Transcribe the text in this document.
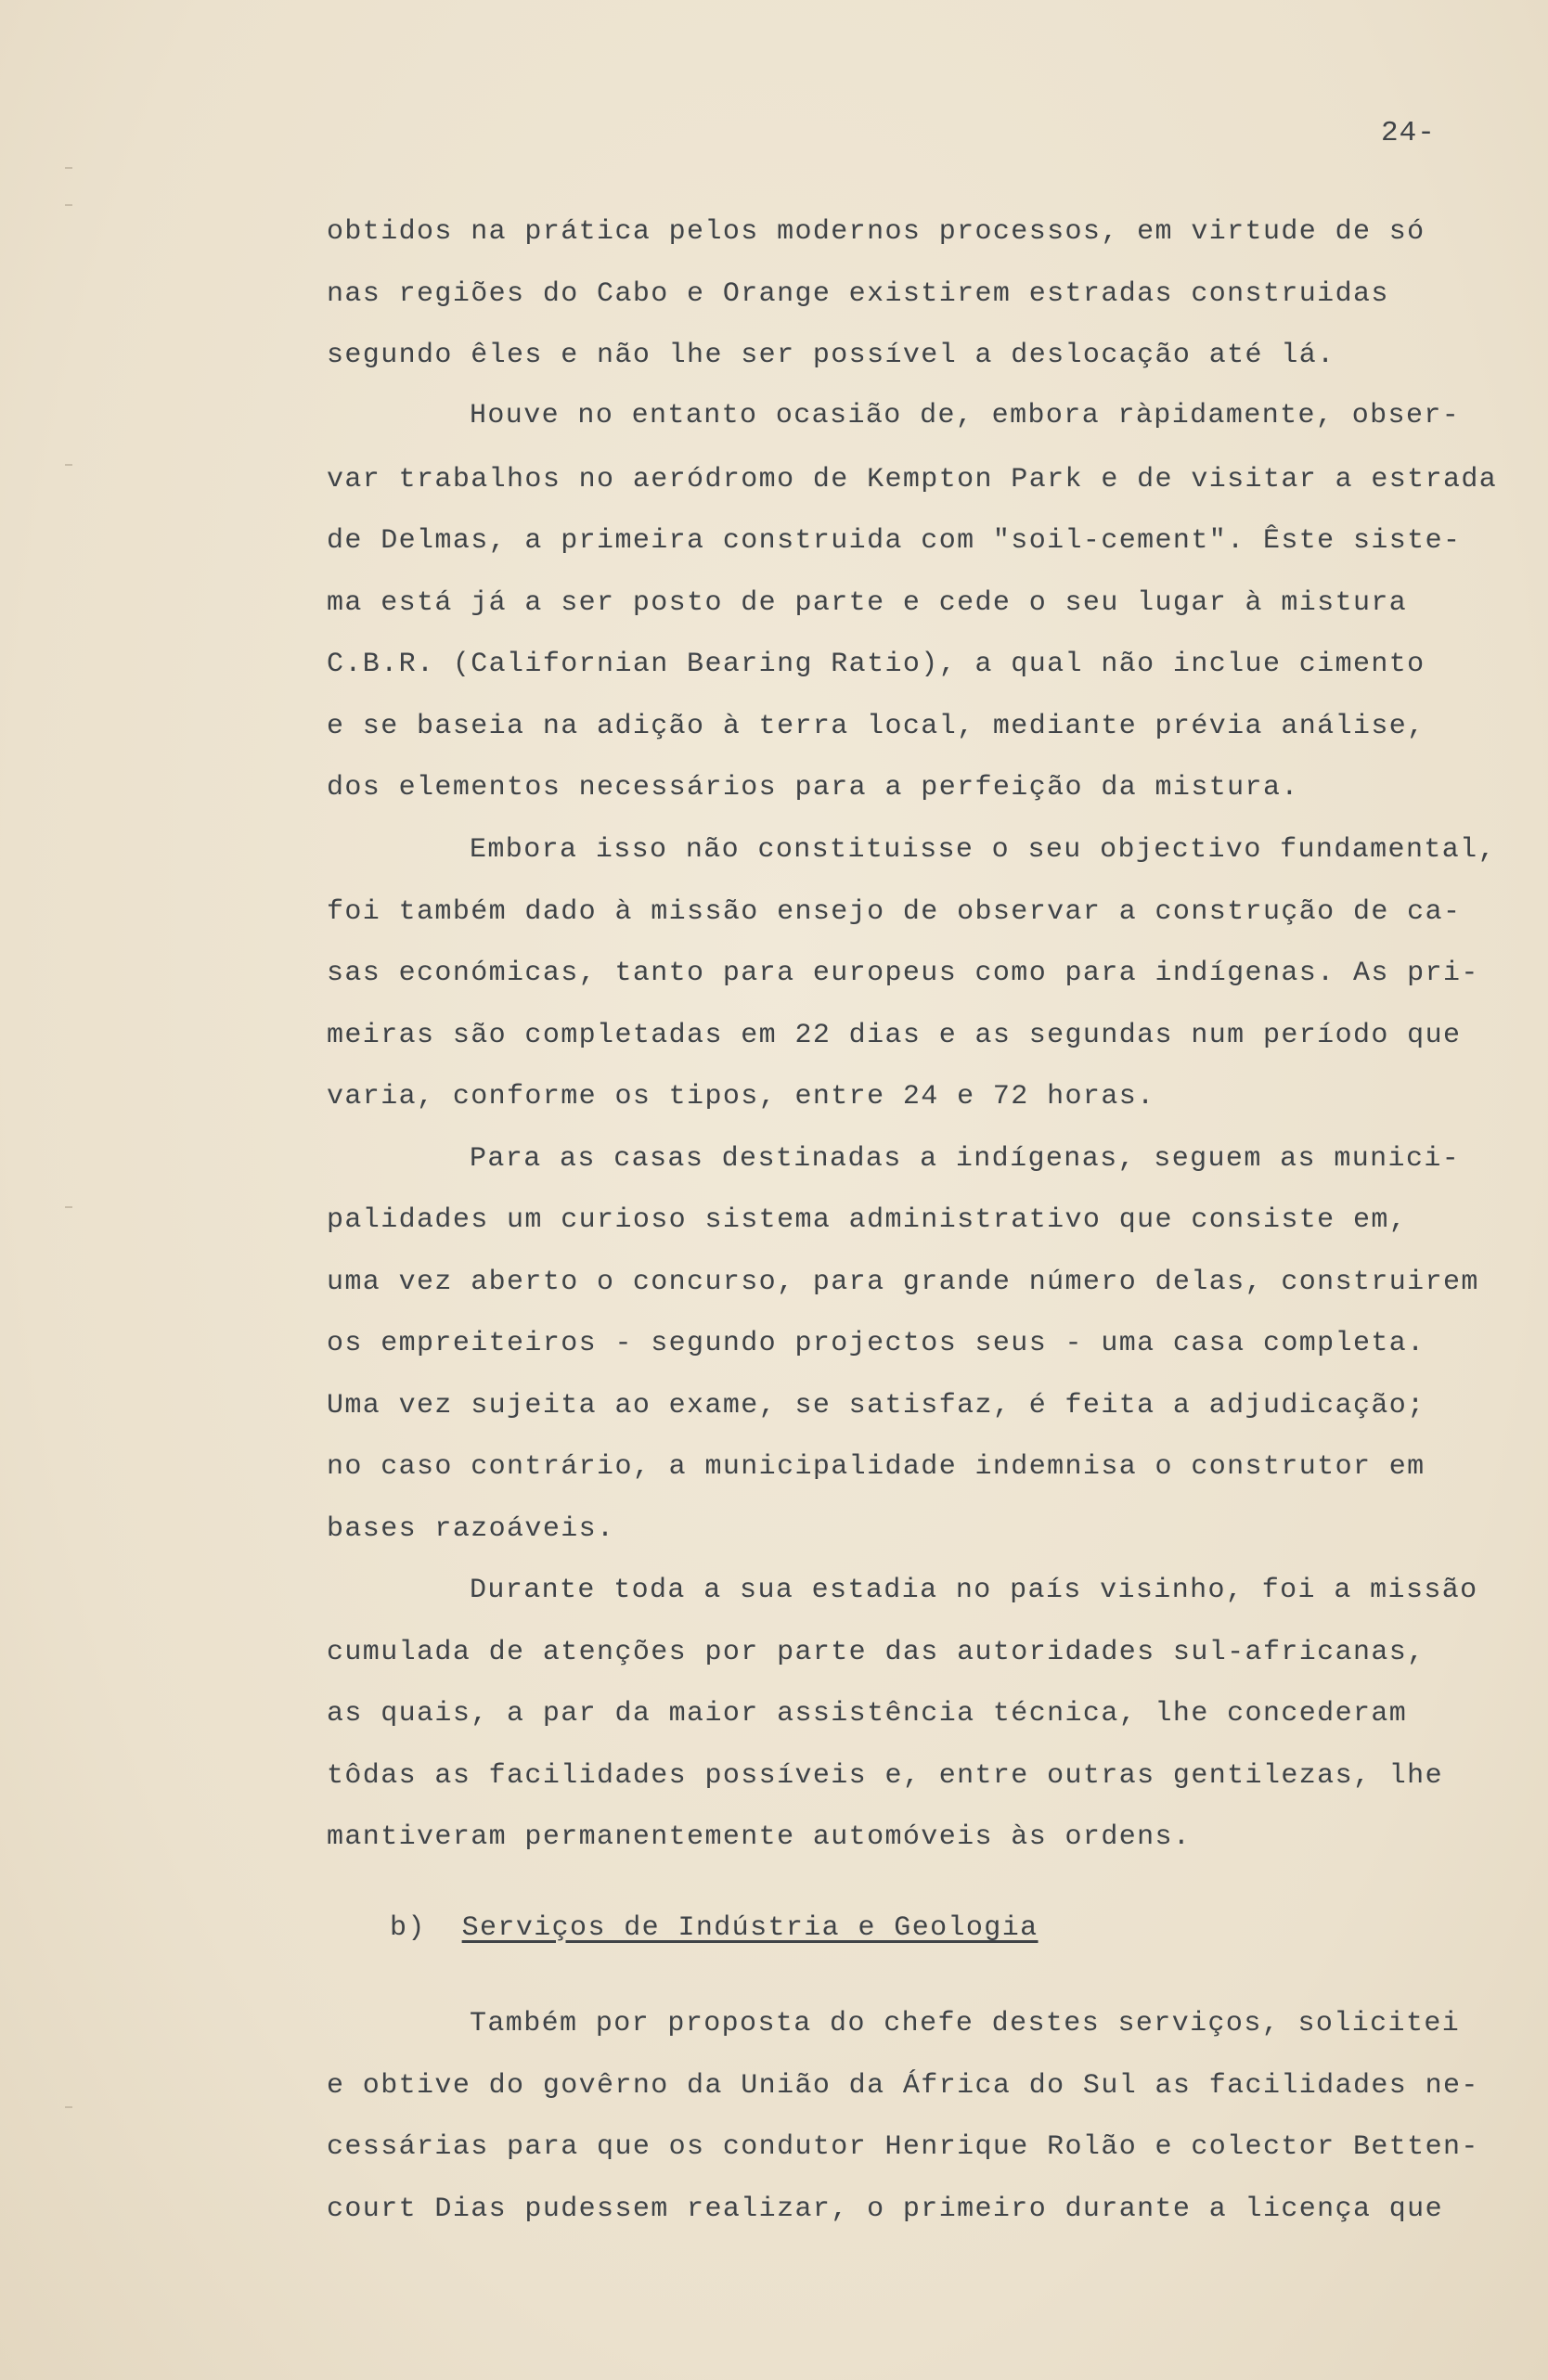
24-
obtidos na prática pelos modernos processos, em virtude de só
nas regiões do Cabo e Orange existirem estradas construidas
segundo êles e não lhe ser possível a deslocação até lá.
Houve no entanto ocasião de, embora ràpidamente, obser-
var trabalhos no aeródromo de Kempton Park e de visitar a estrada
de Delmas, a primeira construida com "soil-cement". Êste siste-
ma está já a ser posto de parte e cede o seu lugar à mistura
C.B.R. (Californian Bearing Ratio), a qual não inclue cimento
e se baseia na adição à terra local, mediante prévia análise,
dos elementos necessários para a perfeição da mistura.
Embora isso não constituisse o seu objectivo fundamental,
foi também dado à missão ensejo de observar a construção de ca-
sas económicas, tanto para europeus como para indígenas. As pri-
meiras são completadas em 22 dias e as segundas num período que
varia, conforme os tipos, entre 24 e 72 horas.
Para as casas destinadas a indígenas, seguem as munici-
palidades um curioso sistema administrativo que consiste em,
uma vez aberto o concurso, para grande número delas, construirem
os empreiteiros - segundo projectos seus - uma casa completa.
Uma vez sujeita ao exame, se satisfaz, é feita a adjudicação;
no caso contrário, a municipalidade indemnisa o construtor em
bases razoáveis.
Durante toda a sua estadia no país visinho, foi a missão
cumulada de atenções por parte das autoridades sul-africanas,
as quais, a par da maior assistência técnica, lhe concederam
tôdas as facilidades possíveis e, entre outras gentilezas, lhe
mantiveram permanentemente automóveis às ordens.
b) Serviços de Indústria e Geologia
Também por proposta do chefe destes serviços, solicitei
e obtive do govêrno da União da África do Sul as facilidades ne-
cessárias para que os condutor Henrique Rolão e colector Betten-
court Dias pudessem realizar, o primeiro durante a licença que
